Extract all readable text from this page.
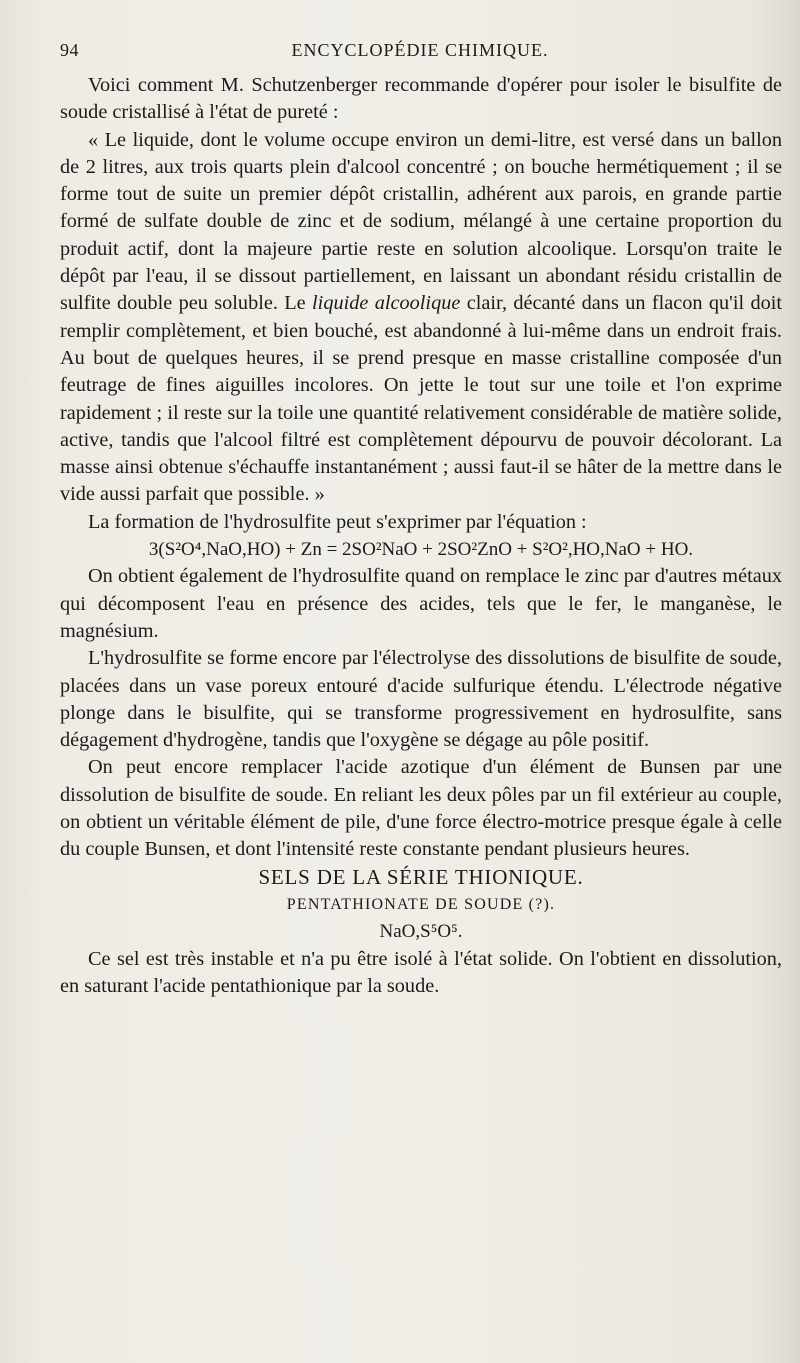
94	ENCYCLOPÉDIE CHIMIQUE.

Voici comment M. Schutzenberger recommande d'opérer pour isoler le bisulfite de soude cristallisé à l'état de pureté :

« Le liquide, dont le volume occupe environ un demi-litre, est versé dans un ballon de 2 litres, aux trois quarts plein d'alcool concentré ; on bouche hermétiquement ; il se forme tout de suite un premier dépôt cristallin, adhérent aux parois, en grande partie formé de sulfate double de zinc et de sodium, mélangé à une certaine proportion du produit actif, dont la majeure partie reste en solution alcoolique. Lorsqu'on traite le dépôt par l'eau, il se dissout partiellement, en laissant un abondant résidu cristallin de sulfite double peu soluble. Le liquide alcoolique clair, décanté dans un flacon qu'il doit remplir complètement, et bien bouché, est abandonné à lui-même dans un endroit frais. Au bout de quelques heures, il se prend presque en masse cristalline composée d'un feutrage de fines aiguilles incolores. On jette le tout sur une toile et l'on exprime rapidement ; il reste sur la toile une quantité relativement considérable de matière solide, active, tandis que l'alcool filtré est complètement dépourvu de pouvoir décolorant. La masse ainsi obtenue s'échauffe instantanément ; aussi faut-il se hâter de la mettre dans le vide aussi parfait que possible. »

La formation de l'hydrosulfite peut s'exprimer par l'équation :

3(S²O⁴,NaO,HO) + Zn = 2SO²NaO + 2SO²ZnO + S²O²,HO,NaO + HO.

On obtient également de l'hydrosulfite quand on remplace le zinc par d'autres métaux qui décomposent l'eau en présence des acides, tels que le fer, le manganèse, le magnésium.

L'hydrosulfite se forme encore par l'électrolyse des dissolutions de bisulfite de soude, placées dans un vase poreux entouré d'acide sulfurique étendu. L'électrode négative plonge dans le bisulfite, qui se transforme progressivement en hydrosulfite, sans dégagement d'hydrogène, tandis que l'oxygène se dégage au pôle positif.

On peut encore remplacer l'acide azotique d'un élément de Bunsen par une dissolution de bisulfite de soude. En reliant les deux pôles par un fil extérieur au couple, on obtient un véritable élément de pile, d'une force électro-motrice presque égale à celle du couple Bunsen, et dont l'intensité reste constante pendant plusieurs heures.

SELS DE LA SÉRIE THIONIQUE.

PENTATHIONATE DE SOUDE (?).

NaO,S⁵O⁵.

Ce sel est très instable et n'a pu être isolé à l'état solide. On l'obtient en dissolution, en saturant l'acide pentathionique par la soude.
